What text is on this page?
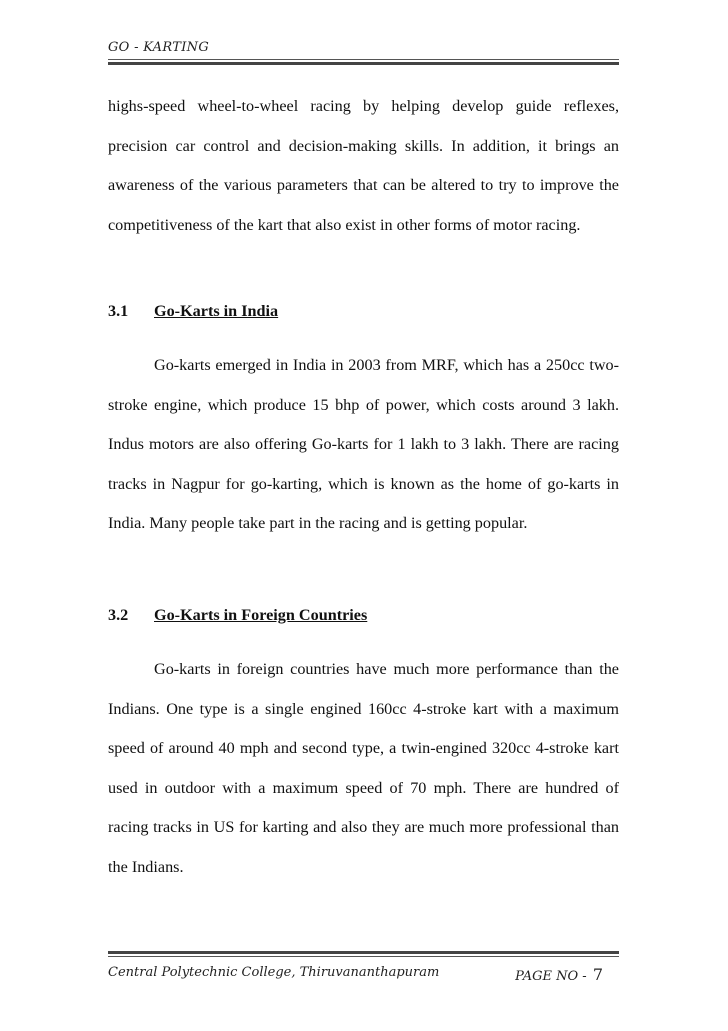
GO - KARTING

highs-speed wheel-to-wheel racing by helping develop guide reflexes, precision car control and decision-making skills. In addition, it brings an awareness of the various parameters that can be altered to try to improve the competitiveness of the kart that also exist in other forms of motor racing.

3.1 Go-Karts in India

Go-karts emerged in India in 2003 from MRF, which has a 250cc two-stroke engine, which produce 15 bhp of power, which costs around 3 lakh. Indus motors are also offering Go-karts for 1 lakh to 3 lakh. There are racing tracks in Nagpur for go-karting, which is known as the home of go-karts in India. Many people take part in the racing and is getting popular.

3.2 Go-Karts in Foreign Countries

Go-karts in foreign countries have much more performance than the Indians. One type is a single engined 160cc 4-stroke kart with a maximum speed of around 40 mph and second type, a twin-engined 320cc 4-stroke kart used in outdoor with a maximum speed of 70 mph. There are hundred of racing tracks in US for karting and also they are much more professional than the Indians.

Central Polytechnic College, Thiruvananthapuram	PAGE NO - 7
